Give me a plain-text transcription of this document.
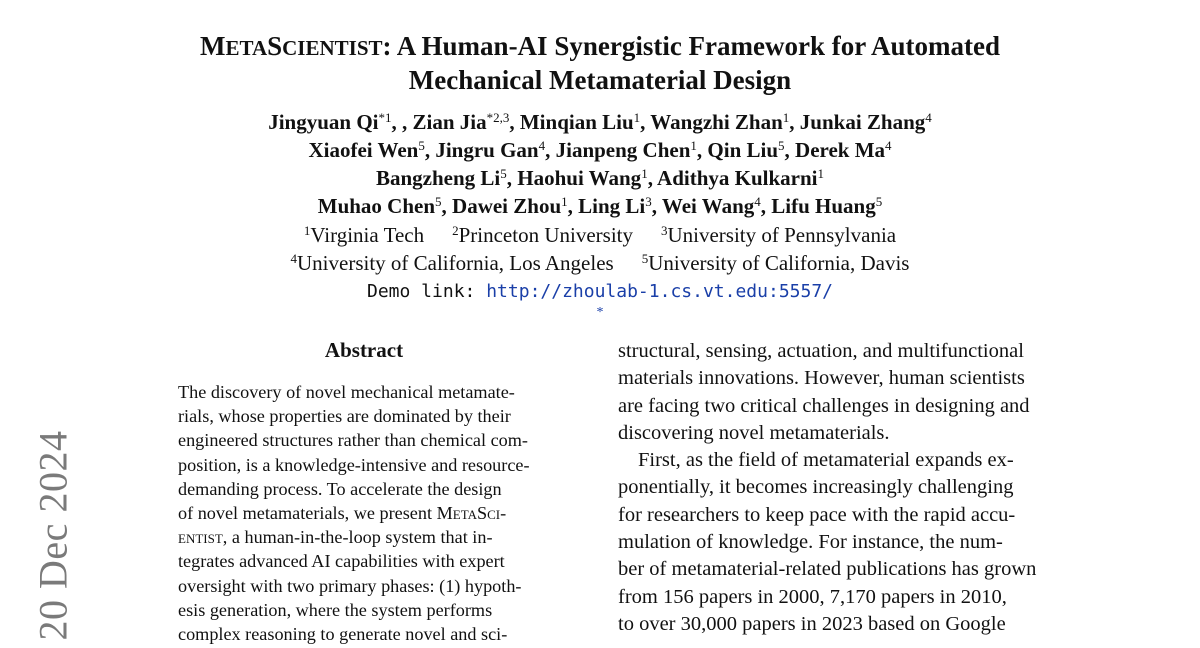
20 Dec 2024
METASCIENTIST: A Human-AI Synergistic Framework for Automated
Mechanical Metamaterial Design
Jingyuan Qi$^{*1}$, , Zian Jia$^{*2,3}$, Minqian Liu$^1$, Wangzhi Zhan$^1$, Junkai Zhang$^4$
Xiaofei Wen$^5$, Jingru Gan$^4$, Jianpeng Chen$^1$, Qin Liu$^5$, Derek Ma$^4$
Bangzheng Li$^5$, Haohui Wang$^1$, Adithya Kulkarni$^1$
Muhao Chen$^5$, Dawei Zhou$^1$, Ling Li$^3$, Wei Wang$^4$, Lifu Huang$^5$
$^1$Virginia Tech $^2$Princeton University $^3$University of Pennsylvania
$^4$University of California, Los Angeles $^5$University of California, Davis
Demo link: http://zhoulab-1.cs.vt.edu:5557/
*
Abstract
The discovery of novel mechanical metamate-
rials, whose properties are dominated by their
engineered structures rather than chemical com-
position, is a knowledge-intensive and resource-
demanding process. To accelerate the design
of novel metamaterials, we present MetaSci-
entist, a human-in-the-loop system that in-
tegrates advanced AI capabilities with expert
oversight with two primary phases: (1) hypoth-
esis generation, where the system performs
complex reasoning to generate novel and sci-
structural, sensing, actuation, and multifunctional
materials innovations. However, human scientists
are facing two critical challenges in designing and
discovering novel metamaterials.
First, as the field of metamaterial expands ex-
ponentially, it becomes increasingly challenging
for researchers to keep pace with the rapid accu-
mulation of knowledge. For instance, the num-
ber of metamaterial-related publications has grown
from 156 papers in 2000, 7,170 papers in 2010,
to over 30,000 papers in 2023 based on Google
